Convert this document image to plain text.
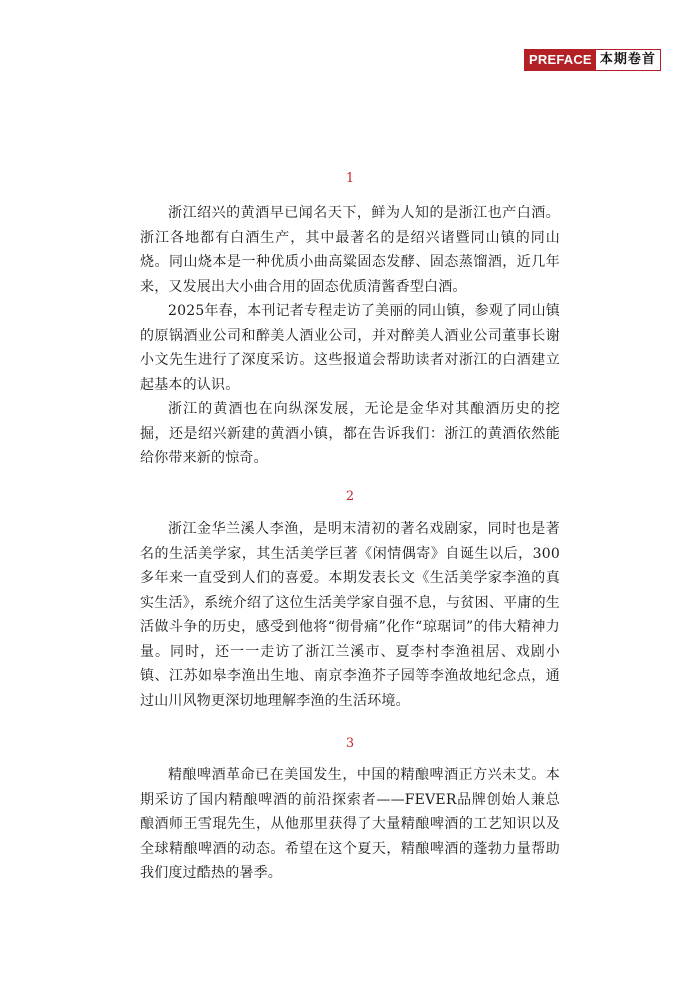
PREFACE 本期卷首
1

浙江绍兴的黄酒早已闻名天下，鲜为人知的是浙江也产白酒。浙江各地都有白酒生产，其中最著名的是绍兴诸暨同山镇的同山烧。同山烧本是一种优质小曲高粱固态发酵、固态蒸馏酒，近几年来，又发展出大小曲合用的固态优质清酱香型白酒。

2025年春，本刊记者专程走访了美丽的同山镇，参观了同山镇的原锅酒业公司和醉美人酒业公司，并对醉美人酒业公司董事长谢小文先生进行了深度采访。这些报道会帮助读者对浙江的白酒建立起基本的认识。

浙江的黄酒也在向纵深发展，无论是金华对其酿酒历史的挖掘，还是绍兴新建的黄酒小镇，都在告诉我们：浙江的黄酒依然能给你带来新的惊奇。

2

浙江金华兰溪人李渔，是明末清初的著名戏剧家，同时也是著名的生活美学家，其生活美学巨著《闲情偶寄》自诞生以后，300多年来一直受到人们的喜爱。本期发表长文《生活美学家李渔的真实生活》，系统介绍了这位生活美学家自强不息，与贫困、平庸的生活做斗争的历史，感受到他将“彻骨痛”化作“琼琚词”的伟大精神力量。同时，还一一走访了浙江兰溪市、夏李村李渔祖居、戏剧小镇、江苏如皋李渔出生地、南京李渔芥子园等李渔故地纪念点，通过山川风物更深切地理解李渔的生活环境。

3

精酿啤酒革命已在美国发生，中国的精酿啤酒正方兴未艾。本期采访了国内精酿啤酒的前沿探索者——FEVER品牌创始人兼总酿酒师王雪琨先生，从他那里获得了大量精酿啤酒的工艺知识以及全球精酿啤酒的动态。希望在这个夏天，精酿啤酒的蓬勃力量帮助我们度过酷热的暑季。
